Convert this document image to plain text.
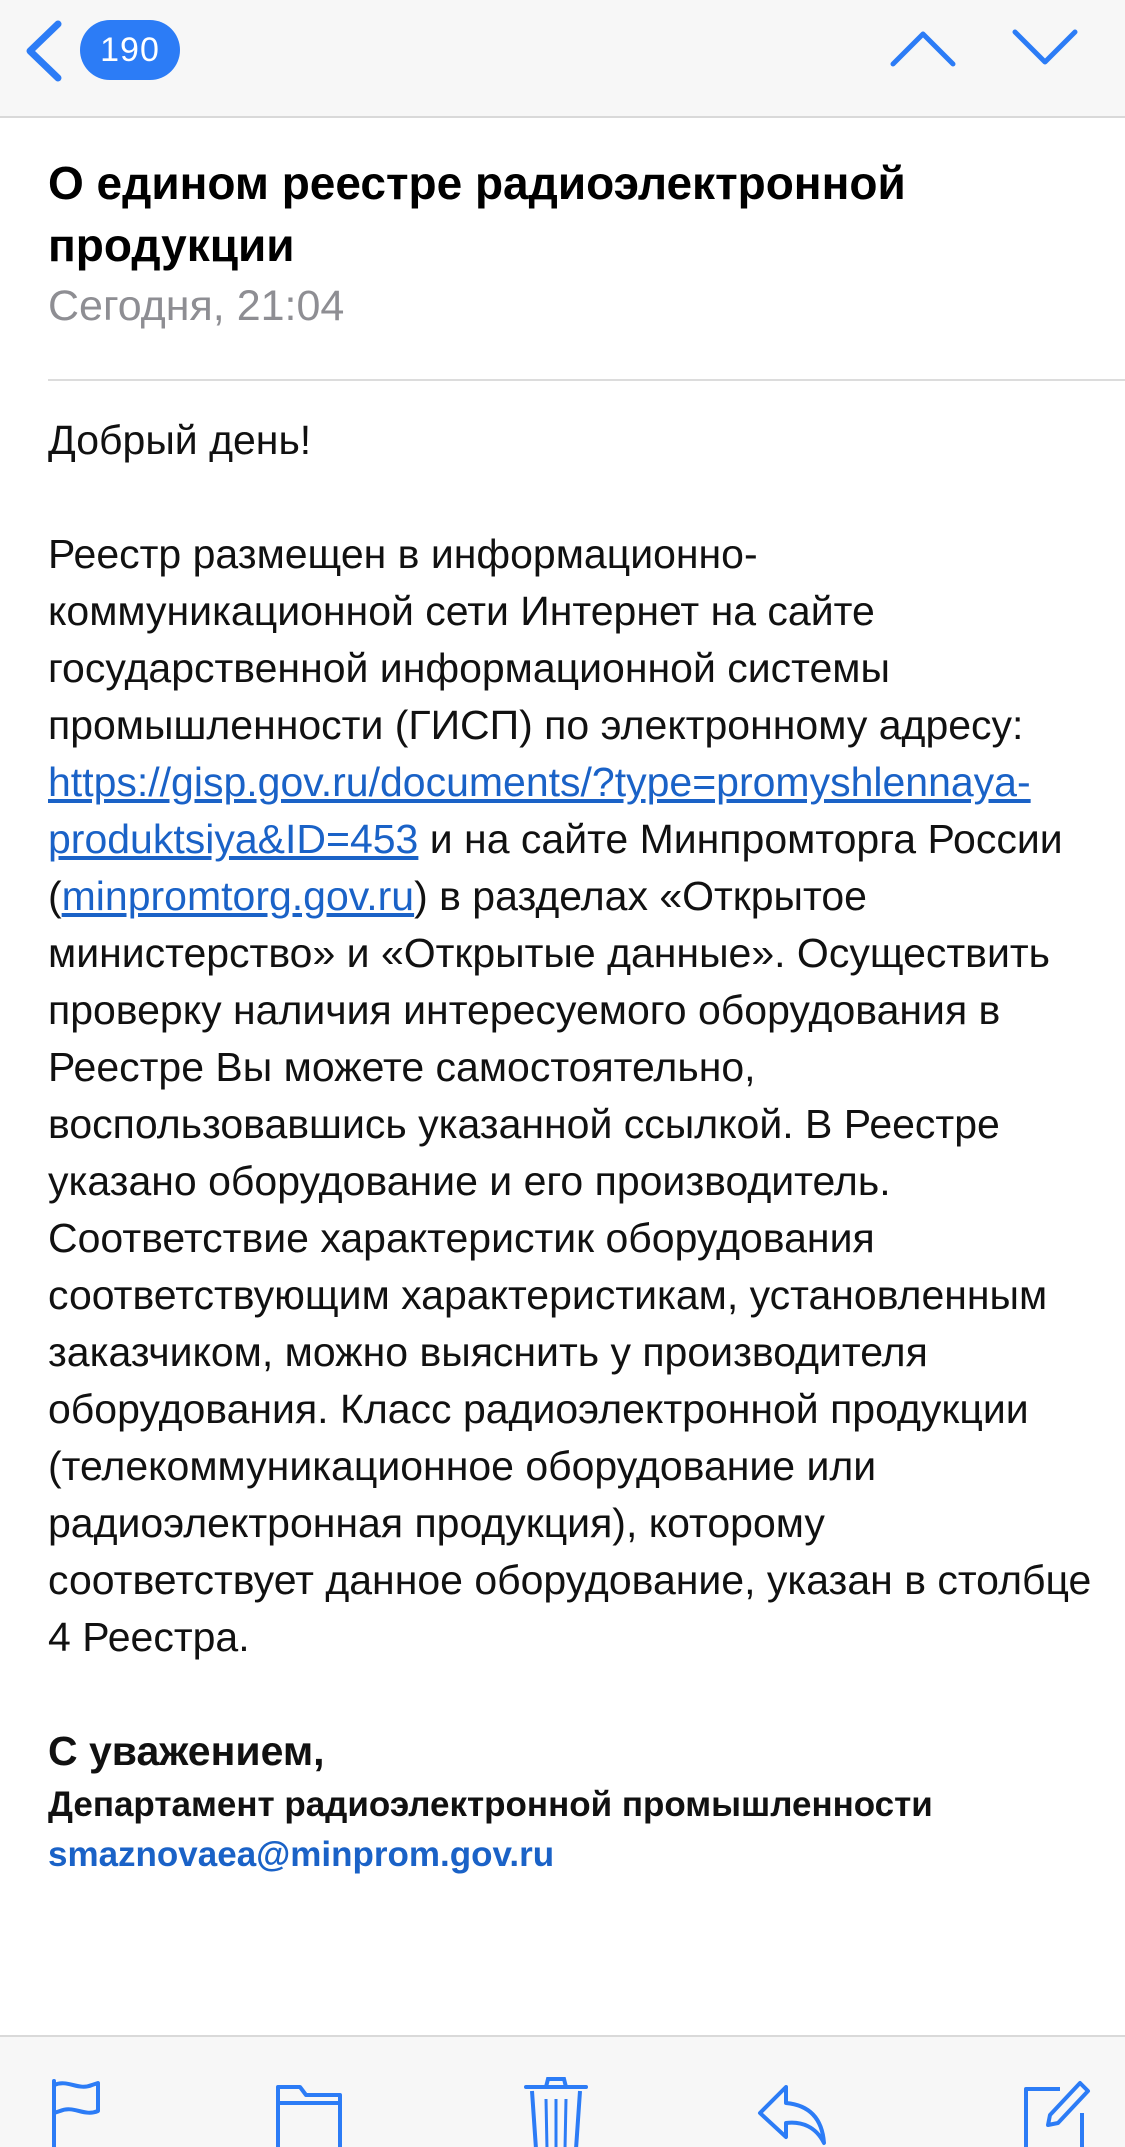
190
О едином реестре радиоэлектронной продукции
Сегодня, 21:04

Добрый день!

Реестр размещен в информационно-коммуникационной сети Интернет на сайте государственной информационной системы промышленности (ГИСП) по электронному адресу: https://gisp.gov.ru/documents/?type=promyshlennaya-produktsiya&ID=453 и на сайте Минпромторга России (minpromtorg.gov.ru) в разделах «Открытое министерство» и «Открытые данные». Осуществить проверку наличия интересуемого оборудования в Реестре Вы можете самостоятельно, воспользовавшись указанной ссылкой. В Реестре указано оборудование и его производитель. Соответствие характеристик оборудования соответствующим характеристикам, установленным заказчиком, можно выяснить у производителя оборудования. Класс радиоэлектронной продукции (телекоммуникационное оборудование или радиоэлектронная продукция), которому соответствует данное оборудование, указан в столбце 4 Реестра.

С уважением,

Департамент радиоэлектронной промышленности

smaznovaea@minprom.gov.ru
